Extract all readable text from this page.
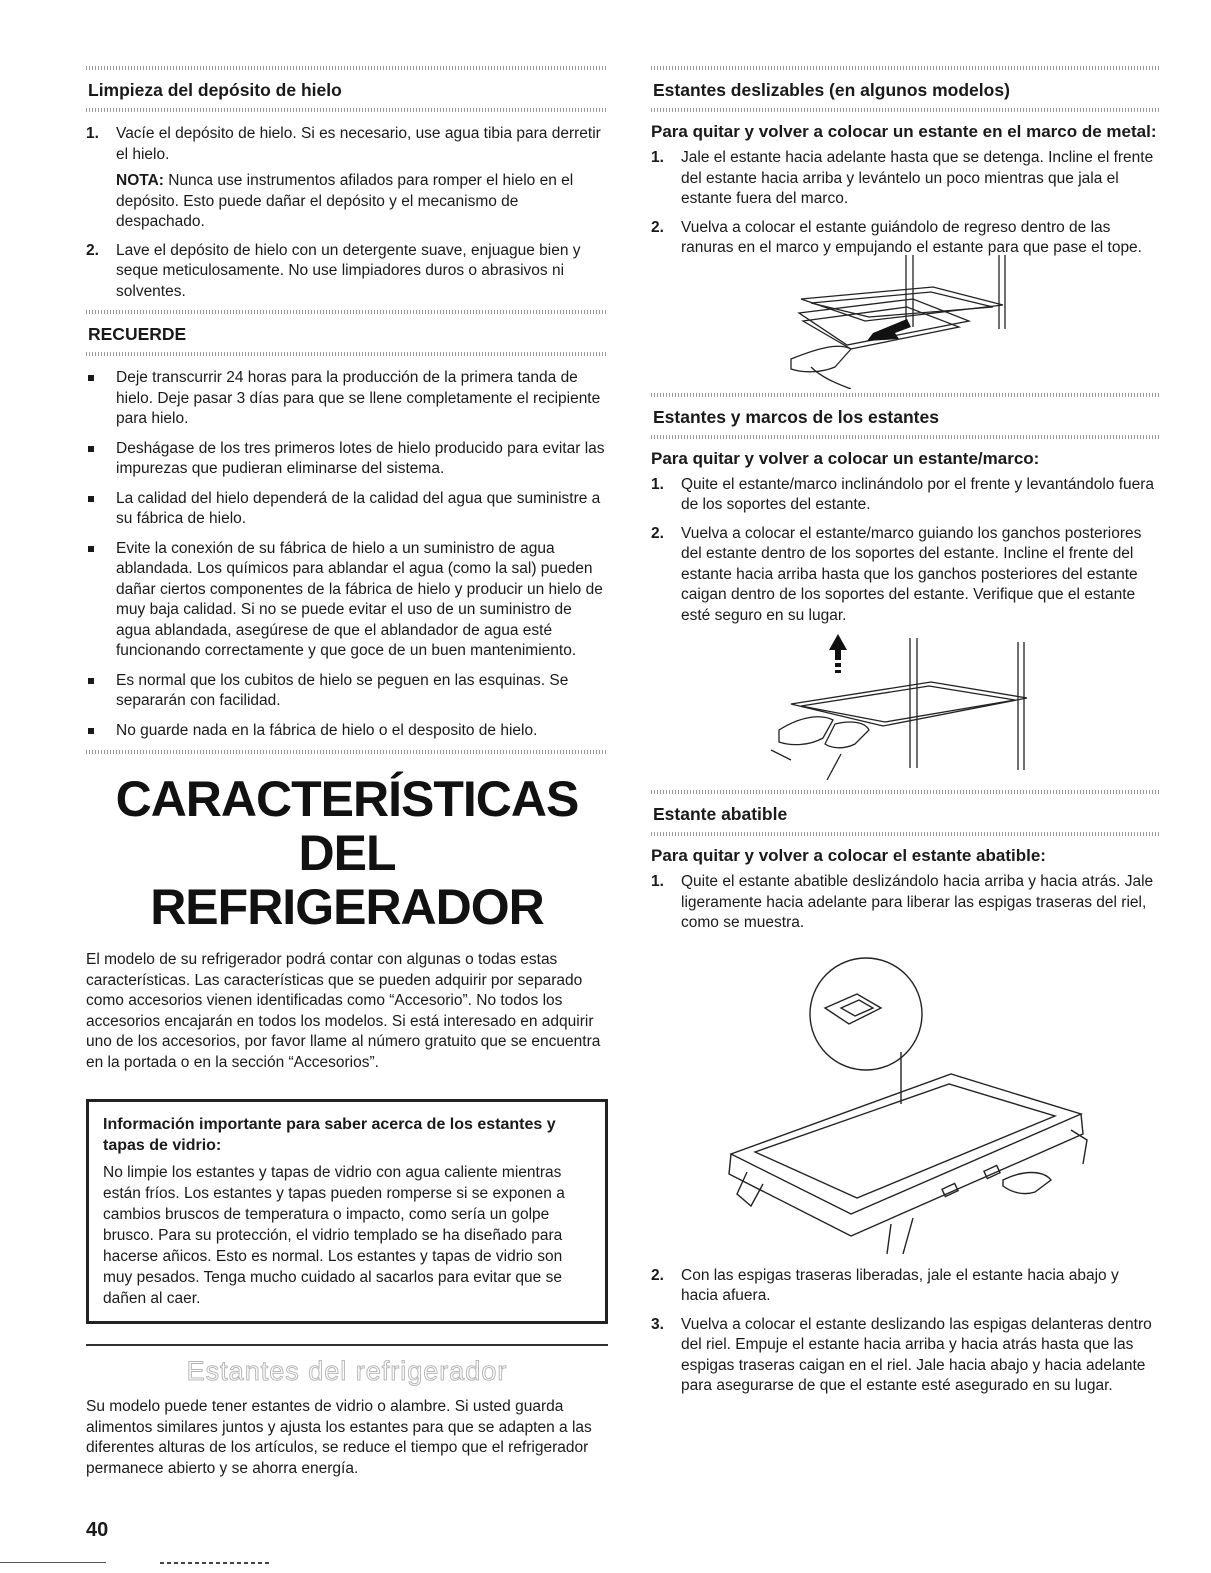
Limpieza del depósito de hielo
1. Vacíe el depósito de hielo. Si es necesario, use agua tibia para derretir el hielo.

NOTA: Nunca use instrumentos afilados para romper el hielo en el depósito. Esto puede dañar el depósito y el mecanismo de despachado.

2. Lave el depósito de hielo con un detergente suave, enjuague bien y seque meticulosamente. No use limpiadores duros o abrasivos ni solventes.
RECUERDE
Deje transcurrir 24 horas para la producción de la primera tanda de hielo. Deje pasar 3 días para que se llene completamente el recipiente para hielo.
Deshágase de los tres primeros lotes de hielo producido para evitar las impurezas que pudieran eliminarse del sistema.
La calidad del hielo dependerá de la calidad del agua que suministre a su fábrica de hielo.
Evite la conexión de su fábrica de hielo a un suministro de agua ablandada. Los químicos para ablandar el agua (como la sal) pueden dañar ciertos componentes de la fábrica de hielo y producir un hielo de muy baja calidad. Si no se puede evitar el uso de un suministro de agua ablandada, asegúrese de que el ablandador de agua esté funcionando correctamente y que goce de un buen mantenimiento.
Es normal que los cubitos de hielo se peguen en las esquinas. Se separarán con facilidad.
No guarde nada en la fábrica de hielo o el desposito de hielo.
CARACTERÍSTICAS DEL
REFRIGERADOR

El modelo de su refrigerador podrá contar con algunas o todas estas características. Las características que se pueden adquirir por separado como accesorios vienen identificadas como “Accesorio”. No todos los accesorios encajarán en todos los modelos. Si está interesado en adquirir uno de los accesorios, por favor llame al número gratuito que se encuentra en la portada o en la sección “Accesorios”.

Información importante para saber acerca de los estantes y tapas de vidrio:

No limpie los estantes y tapas de vidrio con agua caliente mientras están fríos. Los estantes y tapas pueden romperse si se exponen a cambios bruscos de temperatura o impacto, como sería un golpe brusco. Para su protección, el vidrio templado se ha diseñado para hacerse añicos. Esto es normal. Los estantes y tapas de vidrio son muy pesados. Tenga mucho cuidado al sacarlos para evitar que se dañen al caer.

Estantes del refrigerador

Su modelo puede tener estantes de vidrio o alambre. Si usted guarda alimentos similares juntos y ajusta los estantes para que se adapten a las diferentes alturas de los artículos, se reduce el tiempo que el refrigerador permanece abierto y se ahorra energía.

Estantes deslizables (en algunos modelos)
Para quitar y volver a colocar un estante en el marco de metal:
1. Jale el estante hacia adelante hasta que se detenga. Incline el frente del estante hacia arriba y levántelo un poco mientras que jala el estante fuera del marco.
2. Vuelva a colocar el estante guiándolo de regreso dentro de las ranuras en el marco y empujando el estante para que pase el tope.
Estantes y marcos de los estantes
Para quitar y volver a colocar un estante/marco:
1. Quite el estante/marco inclinándolo por el frente y levantándolo fuera de los soportes del estante.
2. Vuelva a colocar el estante/marco guiando los ganchos posteriores del estante dentro de los soportes del estante. Incline el frente del estante hacia arriba hasta que los ganchos posteriores del estante caigan dentro de los soportes del estante. Verifique que el estante esté seguro en su lugar.
Estante abatible
Para quitar y volver a colocar el estante abatible:
1. Quite el estante abatible deslizándolo hacia arriba y hacia atrás. Jale ligeramente hacia adelante para liberar las espigas traseras del riel, como se muestra.
2. Con las espigas traseras liberadas, jale el estante hacia abajo y hacia afuera.
3. Vuelva a colocar el estante deslizando las espigas delanteras dentro del riel. Empuje el estante hacia arriba y hacia atrás hasta que las espigas traseras caigan en el riel. Jale hacia abajo y hacia adelante para asegurarse de que el estante esté asegurado en su lugar.
40
